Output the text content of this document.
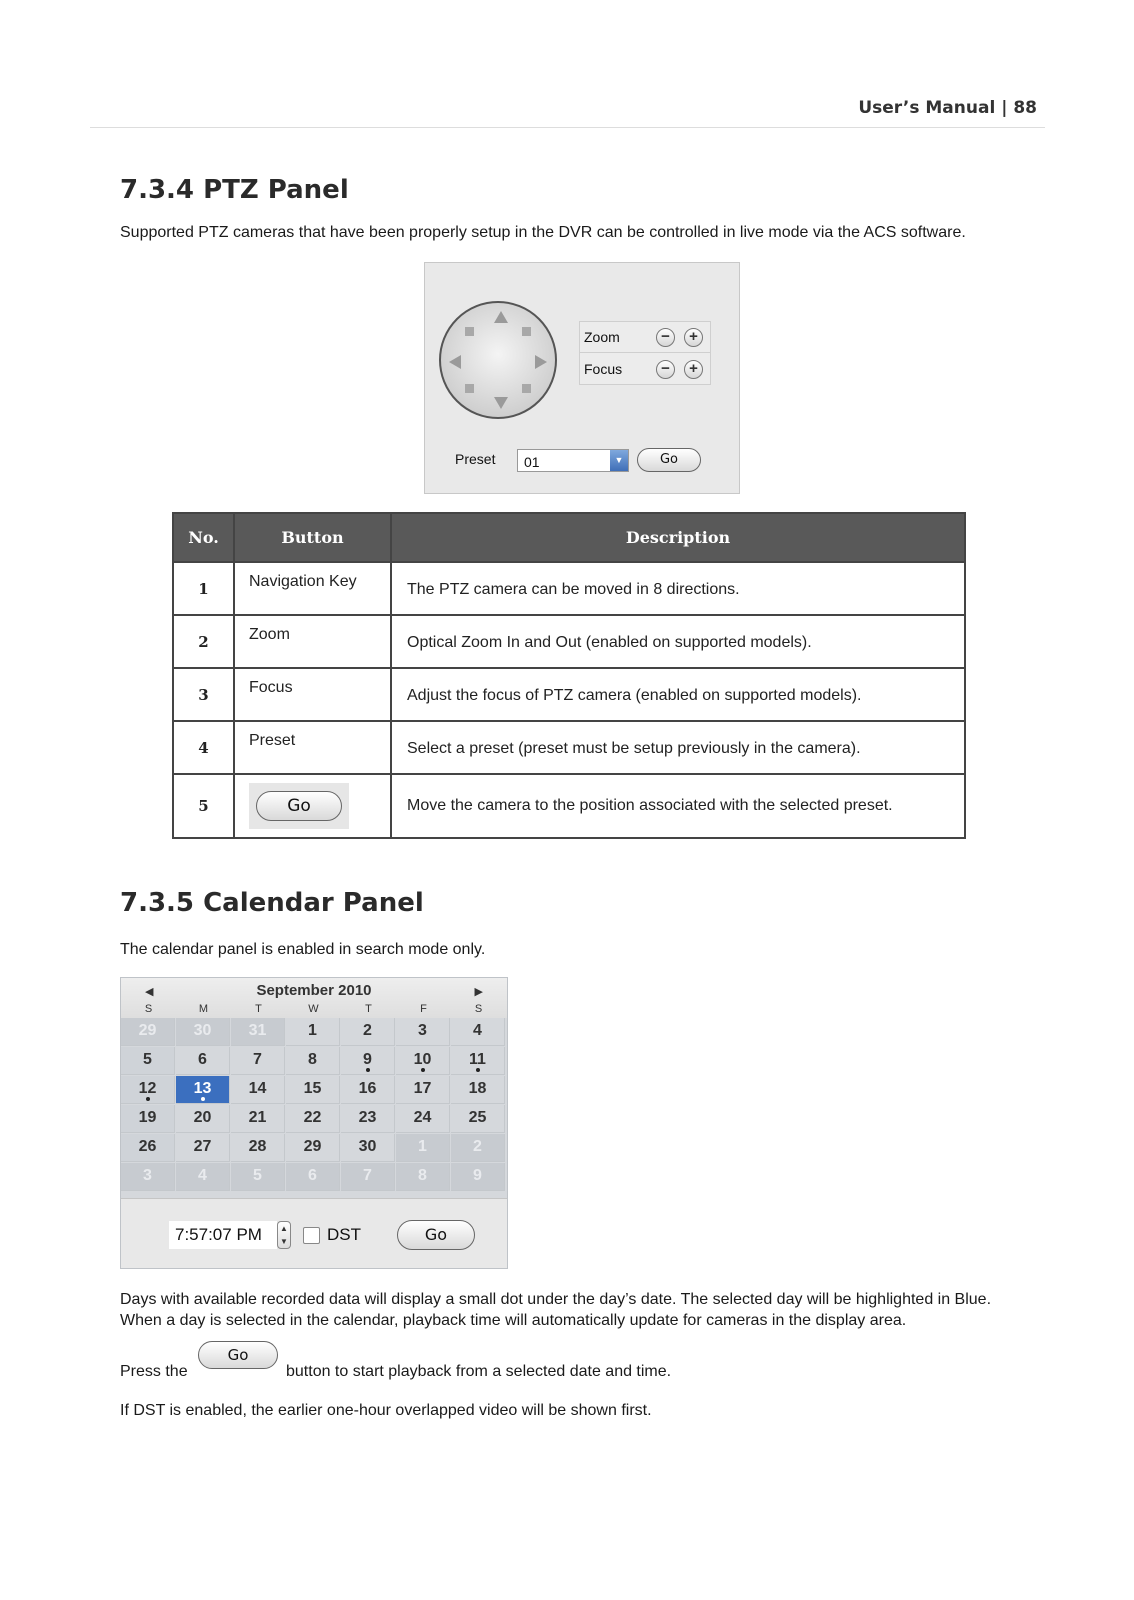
User’s Manual | 88
7.3.4 PTZ Panel
Supported PTZ cameras that have been properly setup in the DVR can be controlled in live mode via the ACS software.
Zoom	−	+
Focus	−	+
Preset 01	▼	Go
No.	Button	Description
1	Navigation Key	The PTZ camera can be moved in 8 directions.
2	Zoom	Optical Zoom In and Out (enabled on supported models).
3	Focus	Adjust the focus of PTZ camera (enabled on supported models).
4	Preset	Select a preset (preset must be setup previously in the camera).
5	Go	Move the camera to the position associated with the selected preset.
7.3.5 Calendar Panel
The calendar panel is enabled in search mode only.
◀	September 2010	▶
S	M	T	W	T	F	S
29	30	31	1	2	3	4
5	6	7	8	9	10	11
12	13	14	15	16	17	18
19	20	21	22	23	24	25
26	27	28	29	30	1	2
3	4	5	6	7	8	9
7:57:07 PM	▲
▼ DST	Go
Days with available recorded data will display a small dot under the day’s date. The selected day will be highlighted in Blue.
When a day is selected in the calendar, playback time will automatically update for cameras in the display area.
Press the
Go
button to start playback from a selected date and time.
If DST is enabled, the earlier one-hour overlapped video will be shown first.
